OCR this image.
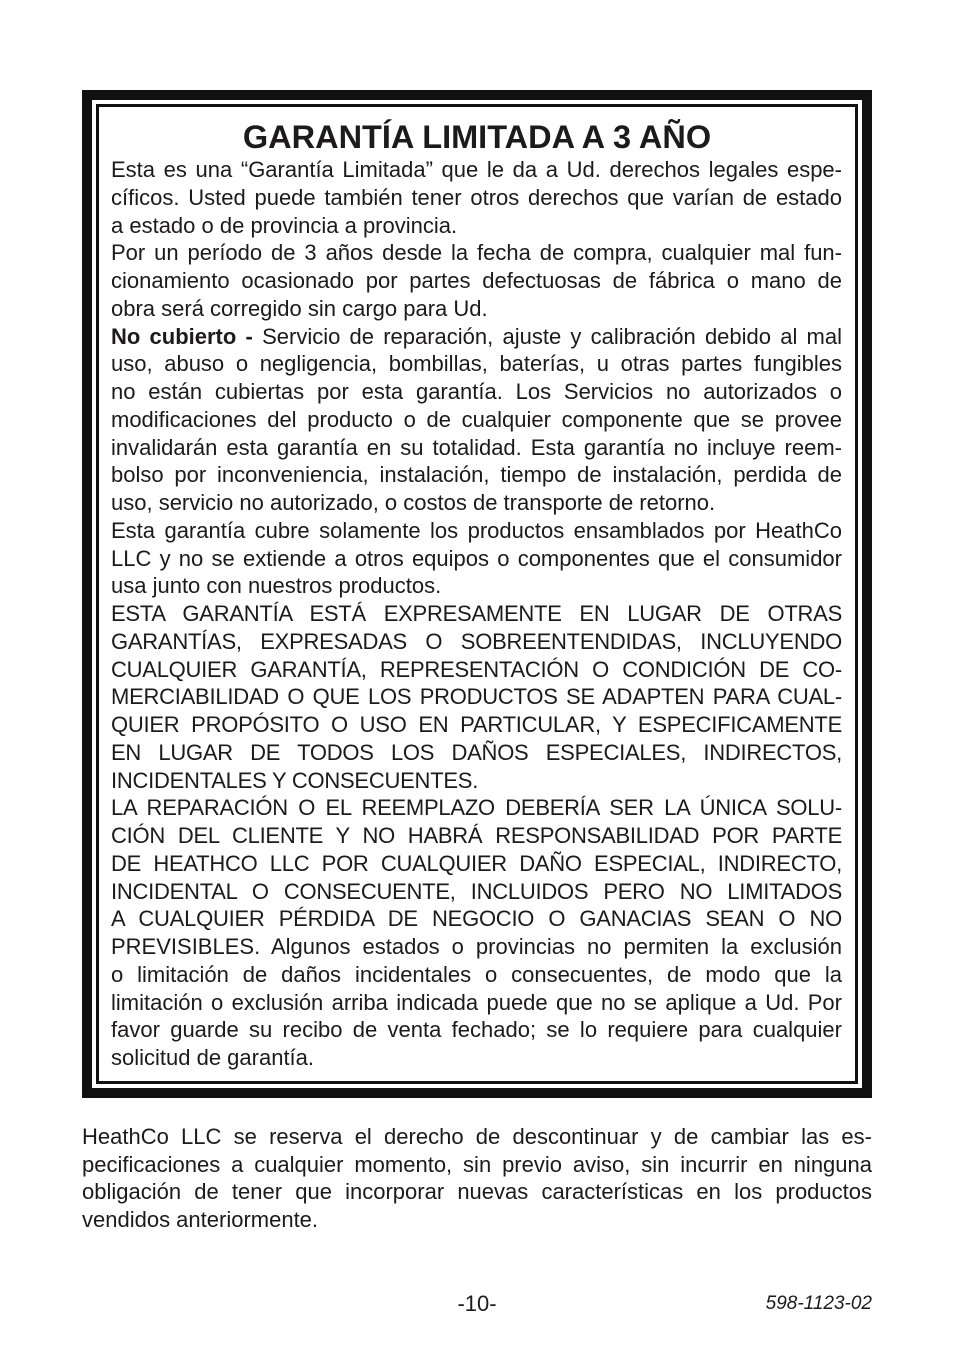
GARANTÍA LIMITADA A 3 AÑO
Esta es una “Garantía Limitada” que le da a Ud. derechos legales espe-
cíficos. Usted puede también tener otros derechos que varían de estado
a estado o de provincia a provincia.
Por un período de 3 años desde la fecha de compra, cualquier mal fun-
cionamiento ocasionado por partes defectuosas de fábrica o mano de
obra será corregido sin cargo para Ud.
No cubierto - Servicio de reparación, ajuste y calibración debido al mal
uso, abuso o negligencia, bombillas, baterías, u otras partes fungibles
no están cubiertas por esta garantía. Los Servicios no autorizados o
modificaciones del producto o de cualquier componente que se provee
invalidarán esta garantía en su totalidad. Esta garantía no incluye reem-
bolso por inconveniencia, instalación, tiempo de instalación, perdida de
uso, servicio no autorizado, o costos de transporte de retorno.
Esta garantía cubre solamente los productos ensamblados por HeathCo
LLC y no se extiende a otros equipos o componentes que el consumidor
usa junto con nuestros productos.
ESTA GARANTÍA ESTÁ EXPRESAMENTE EN LUGAR DE OTRAS
GARANTÍAS, EXPRESADAS O SOBREENTENDIDAS, INCLUYENDO
CUALQUIER GARANTÍA, REPRESENTACIÓN O CONDICIÓN DE CO-
MERCIABILIDAD O QUE LOS PRODUCTOS SE ADAPTEN PARA CUAL-
QUIER PROPÓSITO O USO EN PARTICULAR, Y ESPECIFICAMENTE
EN LUGAR DE TODOS LOS DAÑOS ESPECIALES, INDIRECTOS,
INCIDENTALES Y CONSECUENTES.
LA REPARACIÓN O EL REEMPLAZO DEBERÍA SER LA ÚNICA SOLU-
CIÓN DEL CLIENTE Y NO HABRÁ RESPONSABILIDAD POR PARTE
DE HEATHCO LLC POR CUALQUIER DAÑO ESPECIAL, INDIRECTO,
INCIDENTAL O CONSECUENTE, INCLUIDOS PERO NO LIMITADOS
A CUALQUIER PÉRDIDA DE NEGOCIO O GANACIAS SEAN O NO
PREVISIBLES. Algunos estados o provincias no permiten la exclusión
o limitación de daños incidentales o consecuentes, de modo que la
limitación o exclusión arriba indicada puede que no se aplique a Ud. Por
favor guarde su recibo de venta fechado; se lo requiere para cualquier
solicitud de garantía.
HeathCo LLC se reserva el derecho de descontinuar y de cambiar las es-
pecificaciones a cualquier momento, sin previo aviso, sin incurrir en ninguna
obligación de tener que incorporar nuevas características en los productos
vendidos anteriormente.
-10-	598-1123-02
